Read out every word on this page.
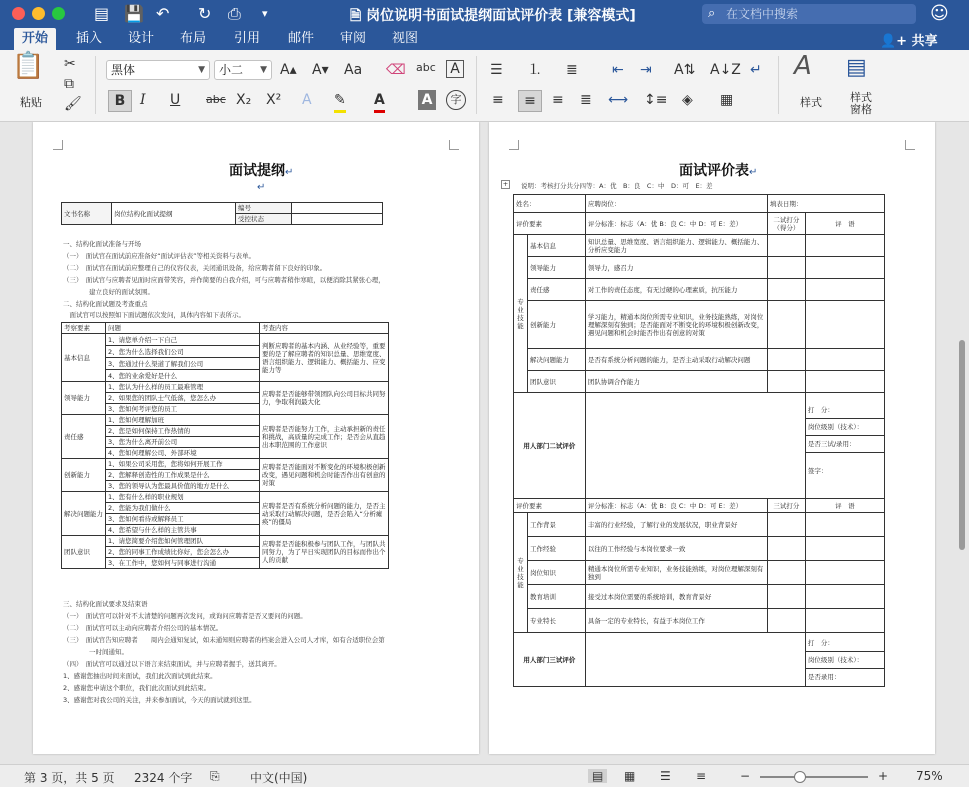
▤ 💾 ↶ ↻ ⎙ ▾	🗎 岗位说明书面试提纲面试评价表 [兼容模式]	⌕ 在文档中搜索	☺
开始	插入	设计	布局	引用	邮件	审阅	视图	👤+ 共享
📋
粘贴
✂
⧉
🖌
黑体	▼	小二 ▼ A▴ A▾ Aa ⌫ abc	A
B	I U abc X₂ X² A ✎ A	A	字
☰ ⒈ ≣ ⇤ ⇥ A⇅ A↓Z ↵
≡	≡	≡ ≣ ⟷ ↕≡ ◈ ▦
A
样式
▤
样式
窗格
面试提纲↵
↵
文书名称	岗位结构化面试提纲	编号	
		受控状态	
一、结构化面试准备与开场
（一）　面试官在面试前应准备好“面试评估表”等相关资料与表单。
（二）　面试官在面试前应整理自己的仪容仪表，关闭通讯设备，给应聘者留下良好的印象。
（三）　面试官与应聘者见面时应面带笑容，并作简要的自我介绍，可与应聘者稍作寒暄，以便消除其紧张心理，
　　　　建立良好的面试氛围。
二、结构化面试题及考查重点
　面试官可以按照如下面试题依次发问，具体内容如下表所示。
考察要素	问题	考查内容
基本信息	1、请您单介绍一下自己	判断应聘者的基本内涵、从业经验等，重要要的是了解应聘者的知识总量、思维宽度、语言组织能力、逻辑能力、概括能力、应变能力等
	2、您为什么选择我们公司	
	3、您通过什么渠道了解我们公司	
	4、您的业余爱好是什么	
领导能力	1、您认为什么样的员工最难管理	应聘者是否能够带领团队向公司目标共同努力，争取利润最大化
	2、如果您的团队士气低落，您怎么办	
	3、您如何考评您的员工	
责任感	1、您如何理解加班	应聘者是否能努力工作，主动承担新的责任和挑战，高质量的完成工作；是否会从直趋出本职范围的工作意识
	2、您是如何保持工作热情的	
	3、您为什么离开前公司	
	4、您如何理解公司、外部环境	
创新能力	1、如果公司采用您，您将如何开展工作	应聘者是否能面对不断变化的环境积极创新改变，遇见问题和机会时能否作出有创意的对策
	2、您解释创造性的工作成果是什么	
	3、您的领导认为您最具价值的地方是什么	
解决问题能力	1、您有什么样的职业规划	应聘者是否有系统分析问题的能力，是否主动采取行动解决问题，是否会陷入“分析瘫痪”的僵局
	2、您能为我们做什么	
	3、您如何看待或解释员工	
	4、您希望与什么样的主管共事	
团队意识	1、请您简要介绍您如何管理团队	应聘者是否能积极参与团队工作，与团队共同努力，为了早日实现团队的目标而作出个人的贡献
	2、您的同事工作成绩比你好，您会怎么办	
	3、在工作中，您如何与同事进行沟通	
三、结构化面试要求及结束语
（一）　面试官可以针对不太清楚的问题再次发问，或询问应聘者是否又要问的问题。
（二）　面试官可以主动向应聘者介绍公司的基本情况。
（三）　面试官告知应聘者　　周内会通知复试，如未通知则应聘者的档案会进入公司人才库，如有合适职位会第
　　　　一时间通知。
（四）　面试官可以通过以下语言来结束面试，并与应聘者握手，送其离开。
1、感谢您抽出时间来面试，我们此次面试到此结束。
2、感谢您申请这个职位，我们此次面试到此结束。
3、感谢您对我公司的关注，并来参加面试，今天的面试就到这里。
面试评价表↵
+ 说明：考核打分共分四等：A：优　B：良　C：中　D：可　E：差
姓名：		应聘岗位：	填表日期：	
评价要素		评分标准：标志（A：优 B：良 C：中 D：可 E：差）	二试打分（得分）	评　语
专业技能	基本信息	知识总量、思维宽度、语言组织能力、逻辑能力、概括能力、分析应变能力		
	领导能力	领导力，感召力		
	责任感	对工作的责任态度，有无过硬的心理素质，抗压能力		
	创新能力	学习能力，精通本岗位所需专业知识，业务技能熟练，对岗位理解深刻有独到；是否能面对不断变化的环境积极创新改变，遇见问题和机会时能否作出有创意的对策		
	解决问题能力	是否有系统分析问题的能力，是否主动采取行动解决问题		
	团队意识	团队协调合作能力		
用人部门二试评价				打　分：
岗位级别（技术）：
是否三试/录用：
签字：

评价要素		评分标准：标志（A：优 B：良 C：中 D：可 E：差）	三试打分	评　语
专业技能	工作背景	丰富的行业经验，了解行业的发展状况，职业背景好		
	工作经验	以往的工作经验与本岗位要求一致		
	岗位知识	精通本岗位所需专业知识，业务技能熟练，对岗位理解深刻有独到		
	教育培训	接受过本岗位需要的系统培训，教育背景好		
	专业特长	具备一定的专业特长，有益于本岗位工作		
用人部门三试评价				打　分：
岗位级别（技术）：
是否录用：
第 3 页，共 5 页 2324 个字 ⎘	中文(中国)	▤	▦ ☰ ≡	−	+ 75%
